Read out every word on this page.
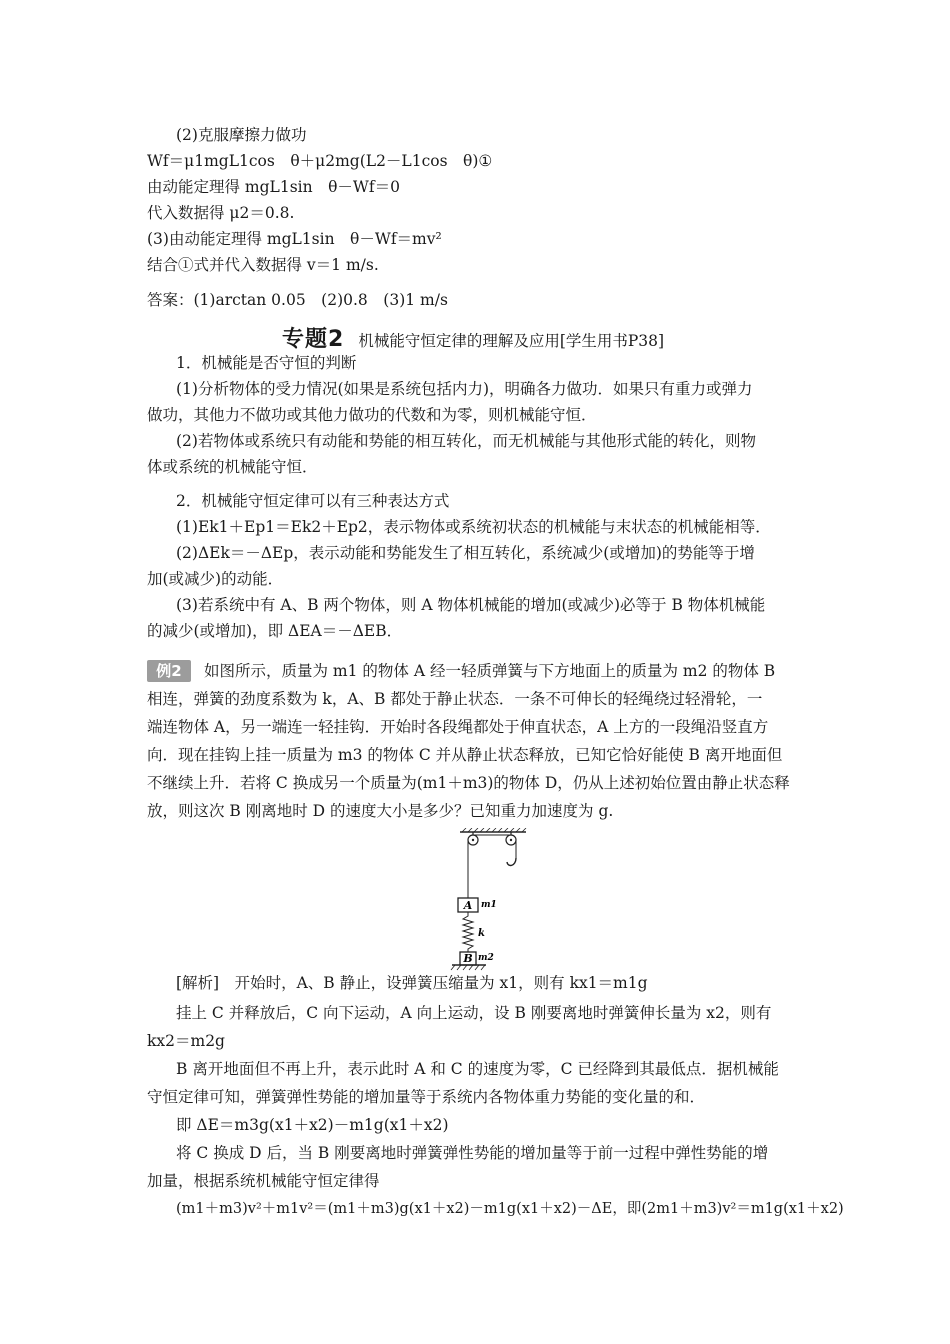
(2)克服摩擦力做功
Wf＝μ1mgL1cos　θ＋μ2mg(L2－L1cos　θ)①
由动能定理得 mgL1sin　θ－Wf＝0
代入数据得 μ2＝0.8.
(3)由动能定理得 mgL1sin　θ－Wf＝mv²
结合①式并代入数据得 v＝1 m/s.
答案：(1)arctan 0.05　(2)0.8　(3)1 m/s
专题2 机械能守恒定律的理解及应用[学生用书P38]
1．机械能是否守恒的判断
(1)分析物体的受力情况(如果是系统包括内力)，明确各力做功．如果只有重力或弹力
做功，其他力不做功或其他力做功的代数和为零，则机械能守恒．
(2)若物体或系统只有动能和势能的相互转化，而无机械能与其他形式能的转化，则物
体或系统的机械能守恒．
2．机械能守恒定律可以有三种表达方式
(1)Ek1＋Ep1＝Ek2＋Ep2，表示物体或系统初状态的机械能与末状态的机械能相等．
(2)ΔEk＝－ΔEp，表示动能和势能发生了相互转化，系统减少(或增加)的势能等于增
加(或减少)的动能．
(3)若系统中有 A、B 两个物体，则 A 物体机械能的增加(或减少)必等于 B 物体机械能
的减少(或增加)，即 ΔEA＝－ΔEB．
例2	如图所示，质量为 m1 的物体 A 经一轻质弹簧与下方地面上的质量为 m2 的物体 B
相连，弹簧的劲度系数为 k，A、B 都处于静止状态．一条不可伸长的轻绳绕过轻滑轮，一
端连物体 A，另一端连一轻挂钩．开始时各段绳都处于伸直状态，A 上方的一段绳沿竖直方
向．现在挂钩上挂一质量为 m3 的物体 C 并从静止状态释放，已知它恰好能使 B 离开地面但
不继续上升．若将 C 换成另一个质量为(m1＋m3)的物体 D，仍从上述初始位置由静止状态释
放，则这次 B 刚离地时 D 的速度大小是多少？已知重力加速度为 g.
A m1
k
B m2
[解析]　开始时，A、B 静止，设弹簧压缩量为 x1，则有 kx1＝m1g
挂上 C 并释放后，C 向下运动，A 向上运动，设 B 刚要离地时弹簧伸长量为 x2，则有
kx2＝m2g
B 离开地面但不再上升，表示此时 A 和 C 的速度为零，C 已经降到其最低点．据机械能
守恒定律可知，弹簧弹性势能的增加量等于系统内各物体重力势能的变化量的和．
即 ΔE＝m3g(x1＋x2)－m1g(x1＋x2)
将 C 换成 D 后，当 B 刚要离地时弹簧弹性势能的增加量等于前一过程中弹性势能的增
加量，根据系统机械能守恒定律得
(m1＋m3)v²＋m1v²＝(m1＋m3)g(x1＋x2)－m1g(x1＋x2)－ΔE，即(2m1＋m3)v²＝m1g(x1＋x2)
